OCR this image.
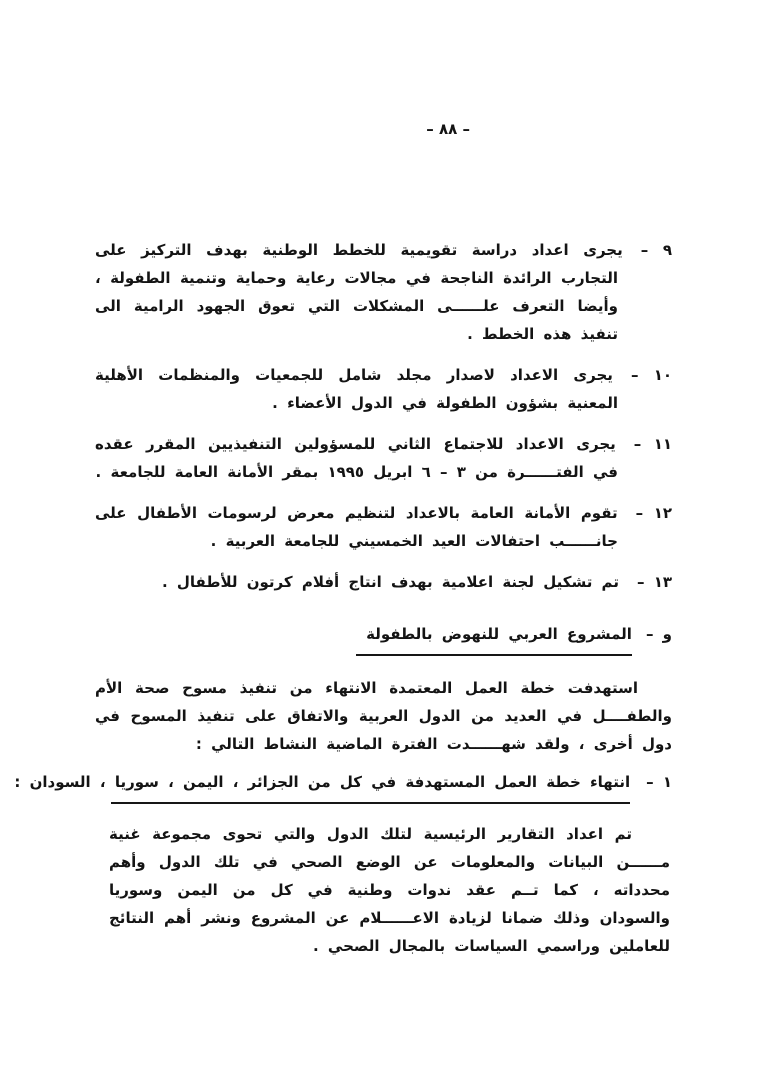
– ٨٨ –
٩ –يجرى اعداد دراسة تقويمية للخطط الوطنية بهدف التركيز على التجارب الرائدة الناجحة في مجالات رعاية وحماية وتنمية الطفولة ، وأيضا التعرف علــــــى المشكلات التي تعوق الجهود الرامية الى تنفيذ هذه الخطط .
١٠ –يجرى الاعداد لاصدار مجلد شامل للجمعيات والمنظمات الأهلية المعنية بشؤون الطفولة في الدول الأعضاء .
١١ –يجرى الاعداد للاجتماع الثاني للمسؤولين التنفيذيين المقرر عقده في الفتــــــرة من ٣ – ٦ ابريل ١٩٩٥ بمقر الأمانة العامة للجامعة .
١٢ –تقوم الأمانة العامة بالاعداد لتنظيم معرض لرسومات الأطفال على جانــــــب احتفالات العيد الخمسيني للجامعة العربية .
١٣ –تم تشكيل لجنة اعلامية بهدف انتاج أفلام كرتون للأطفال .
و –المشروع العربي للنهوض بالطفولة

استهدفت خطة العمل المعتمدة الانتهاء من تنفيذ مسوح صحة الأم والطفــــل في العديد من الدول العربية والاتفاق على تنفيذ المسوح في دول أخرى ، ولقد شهــــــدت الفترة الماضية النشاط التالي :

١ –انتهاء خطة العمل المستهدفة في كل من الجزائر ، اليمن ، سوريا ، السودان :

تم اعداد التقارير الرئيسية لتلك الدول والتي تحوى مجموعة غنية مــــــن البيانات والمعلومات عن الوضع الصحي في تلك الدول وأهم محدداته ، كما تــم عقد ندوات وطنية في كل من اليمن وسوريا والسودان وذلك ضمانا لزيادة الاعــــــلام عن المشروع ونشر أهم النتائج للعاملين وراسمي السياسات بالمجال الصحي .
